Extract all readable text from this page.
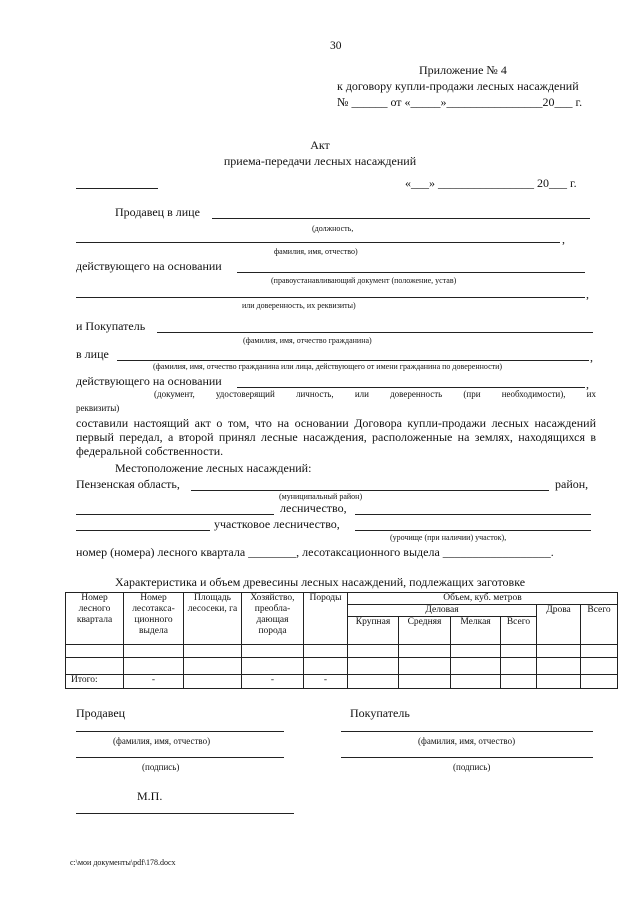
30
Приложение № 4
к договору купли-продажи лесных насаждений
№ ______ от «_____»________________20___ г.
Акт
приема-передачи лесных насаждений
«___» ________________ 20___ г.
Продавец в лице
(должность,
,
фамилия, имя, отчество)
действующего на основании
(правоустанавливающий документ (положение, устав)
,
или доверенность, их реквизиты)
и Покупатель
(фамилия, имя, отчество гражданина)
в лице	,
(фамилия, имя, отчество гражданина или лица, действующего от имени гражданина по доверенности)
действующего на основании	,
(документ, удостоверящий личность, или доверенность (при необходимости), их
реквизиты)
составили настоящий акт о том, что на основании Договора купли-продажи лесных насаждений первый передал, а второй принял лесные насаждения, расположенные на землях, находящихся в федеральной собственности.
Местоположение лесных насаждений:
Пензенская область,	район,
(муниципальный район)
лесничество,
участковое лесничество,
(урочище (при наличии) участок),
номер (номера) лесного квартала ________, лесотаксационного выдела __________________.
Характеристика и объем древесины лесных насаждений, подлежащих заготовке
Номер лесного квартала	Номер лесотакса-ционного выдела	Площадь лесосеки, га	Хозяйство, преобла-дающая порода	Породы	Объем, куб. метров					
					Деловая				Дрова	Всего
					Крупная	Средняя	Мелкая	Всего		

Итого:	-		-	-						
Продавец	Покупатель
(фамилия, имя, отчество)	(фамилия, имя, отчество)
(подпись)	(подпись)
М.П.
c:\мои документы\pdf\178.docx
